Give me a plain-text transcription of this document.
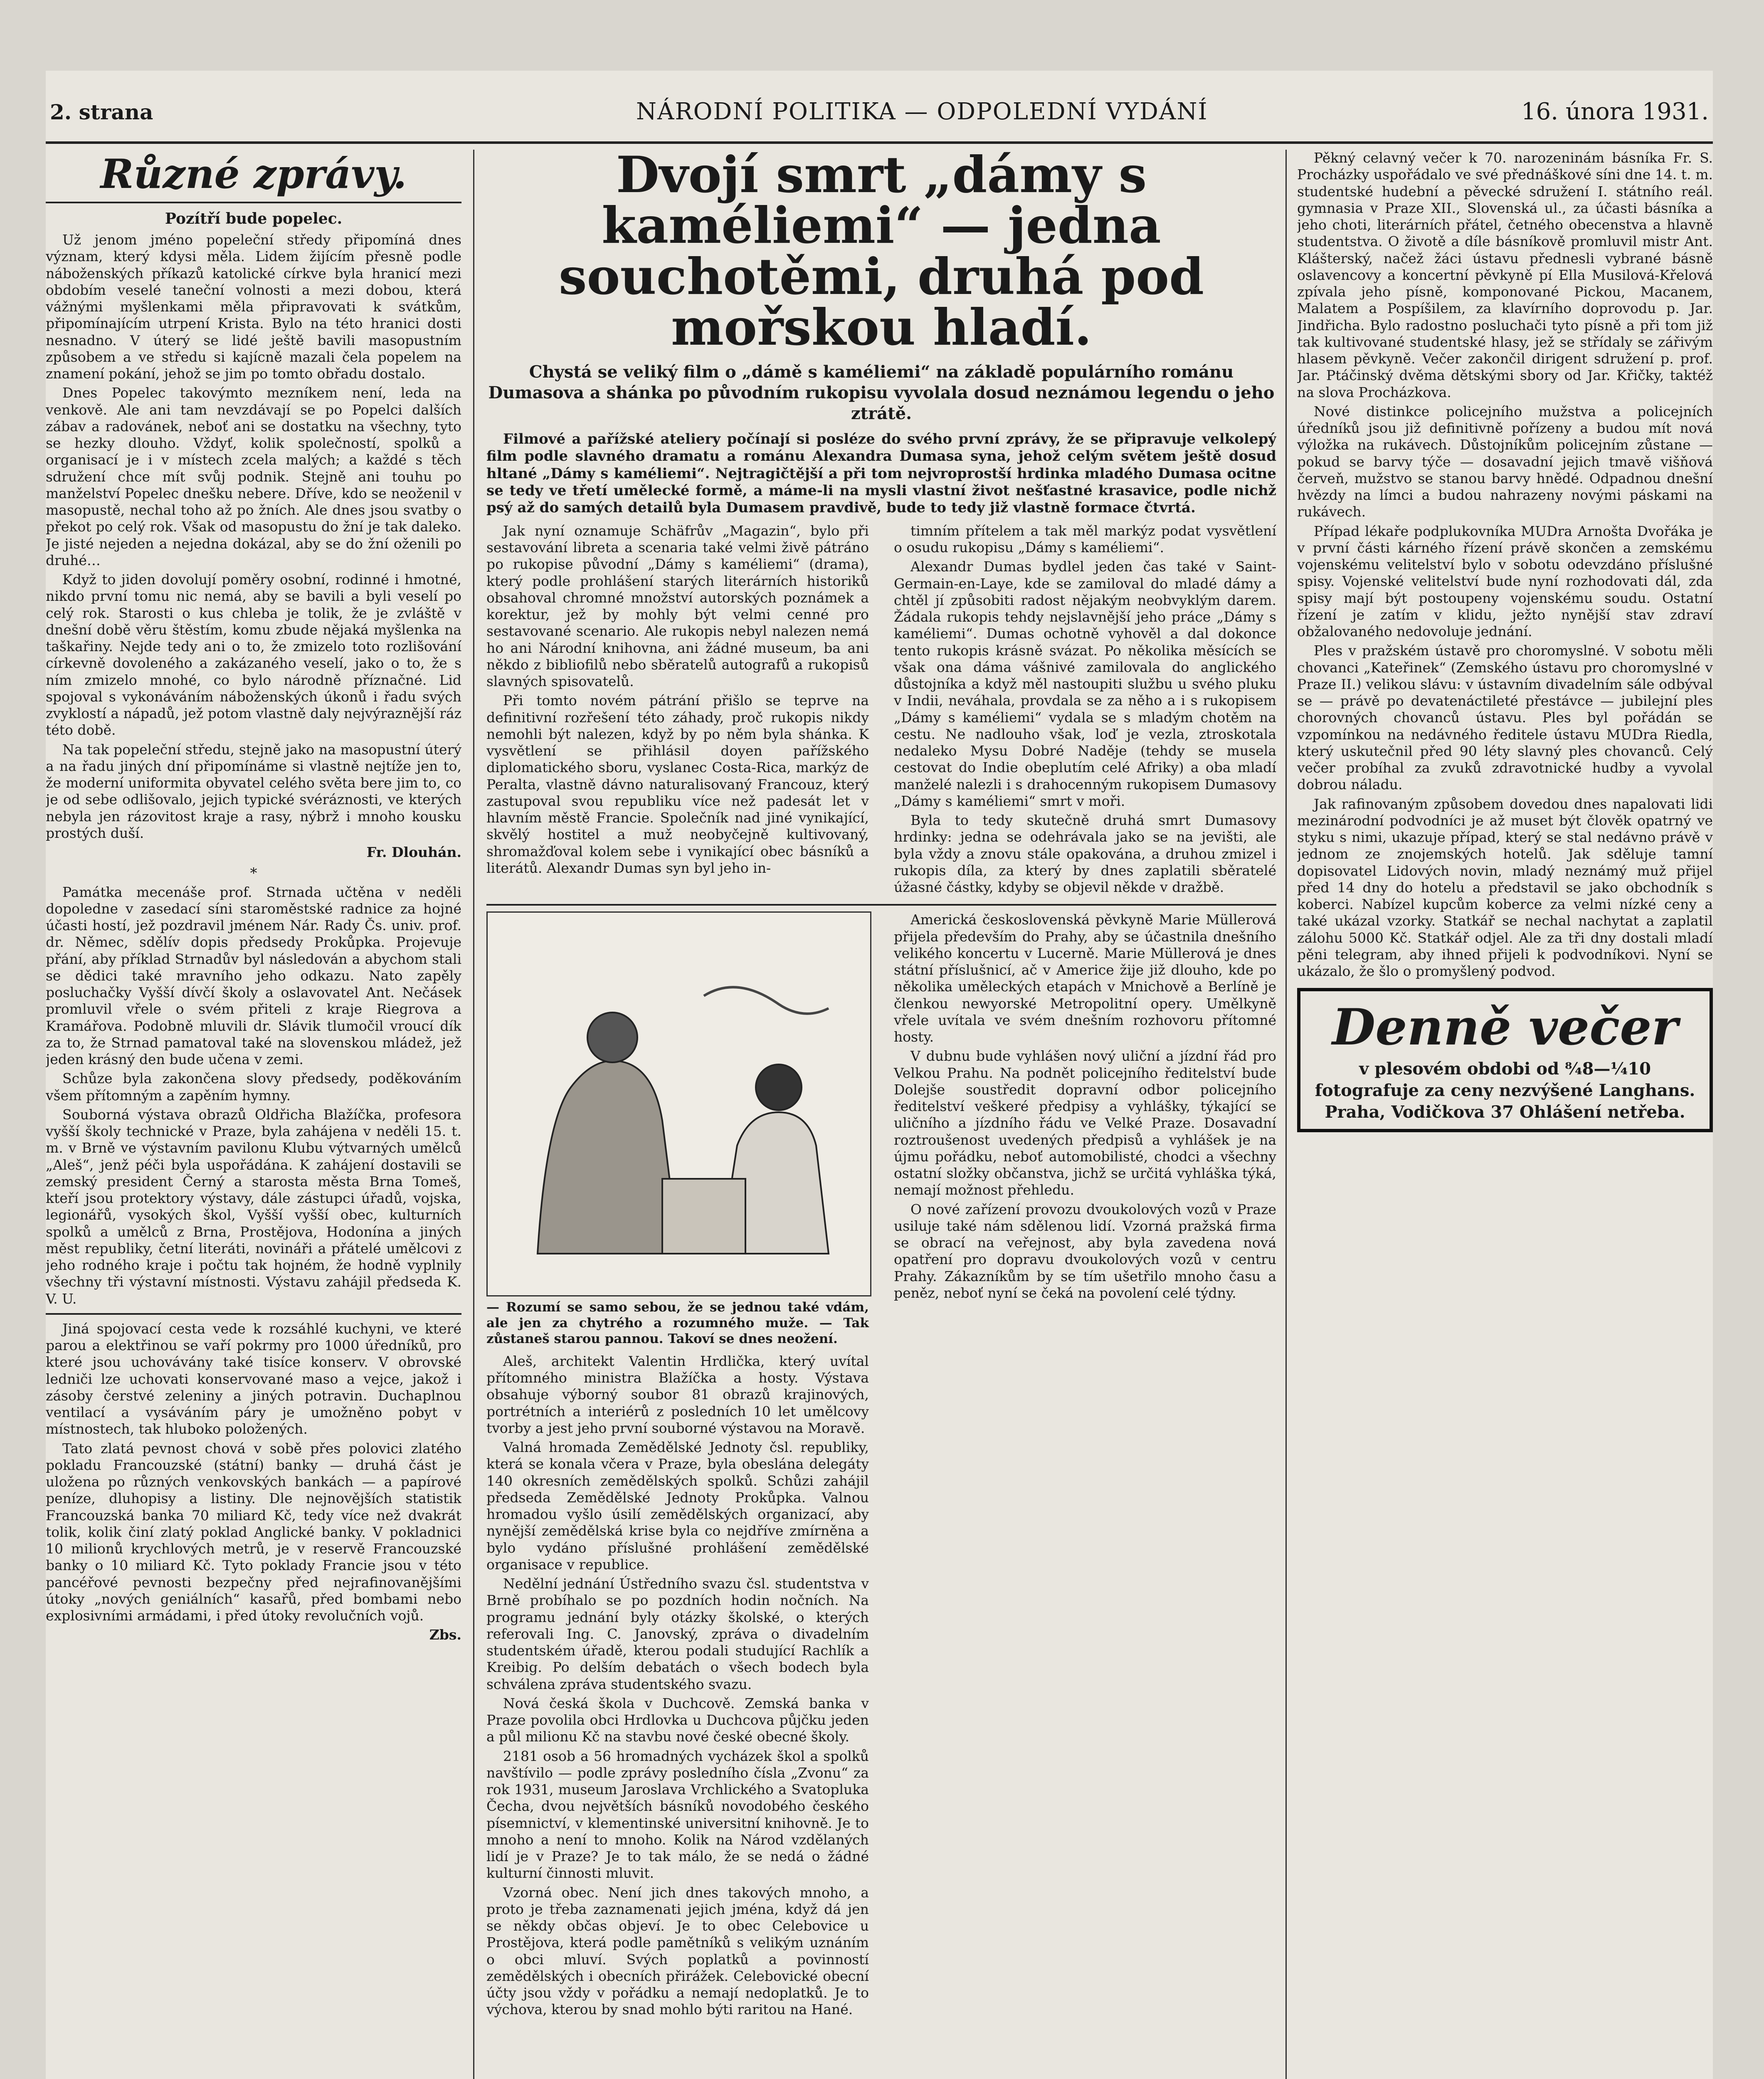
2. strana	NÁRODNÍ POLITIKA — ODPOLEDNÍ VYDÁNÍ	16. února 1931.
Různé zprávy.
Pozítří bude popelec.

Už jenom jméno popeleční středy připomíná dnes význam, který kdysi měla. Lidem žijícím přesně podle náboženských příkazů katolické církve byla hranicí mezi obdobím veselé taneční volnosti a mezi dobou, která vážnými myšlenkami měla připravovati k svátkům, připomínajícím utrpení Krista. Bylo na této hranici dosti nesnadno. V úterý se lidé ještě bavili masopustním způsobem a ve středu si kajícně mazali čela popelem na znamení pokání, jehož se jim po tomto obřadu dostalo.

Dnes Popelec takovýmto mezníkem není, leda na venkově. Ale ani tam nevzdávají se po Popelci dalších zábav a radovánek, neboť ani se dostatku na všechny, tyto se hezky dlouho. Vždyť, kolik společností, spolků a organisací je i v místech zcela malých; a každé s těch sdružení chce mít svůj podnik. Stejně ani touhu po manželství Popelec dnešku nebere. Dříve, kdo se neoženil v masopustě, nechal toho až po žních. Ale dnes jsou svatby o překot po celý rok. Však od masopustu do žní je tak daleko. Je jisté nejeden a nejedna dokázal, aby se do žní oženili po druhé…

Když to jiden dovolují poměry osobní, rodinné i hmotné, nikdo první tomu nic nemá, aby se bavili a byli veselí po celý rok. Starosti o kus chleba je tolik, že je zvláště v dnešní době věru štěstím, komu zbude nějaká myšlenka na taškařiny. Nejde tedy ani o to, že zmizelo toto rozlišování církevně dovoleného a zakázaného veselí, jako o to, že s ním zmizelo mnohé, co bylo národně příznačné. Lid spojoval s vykonáváním náboženských úkonů i řadu svých zvyklostí a nápadů, jež potom vlastně daly nejvýraznější ráz této době.

Na tak popeleční středu, stejně jako na masopustní úterý a na řadu jiných dní připomínáme si vlastně nejtíže jen to, že moderní uniformita obyvatel celého světa bere jim to, co je od sebe odlišovalo, jejich typické svéráznosti, ve kterých nebyla jen rázovitost kraje a rasy, nýbrž i mnoho kousku prostých duší.

Fr. Dlouhán.
*

Památka mecenáše prof. Strnada učtěna v neděli dopoledne v zasedací síni staroměstské radnice za hojné účasti hostí, jež pozdravil jménem Nár. Rady Čs. univ. prof. dr. Němec, sdělív dopis předsedy Prokůpka. Projevuje přání, aby příklad Strnadův byl následován a abychom stali se dědici také mravního jeho odkazu. Nato zapěly posluchačky Vyšší dívčí školy a oslavovatel Ant. Nečásek promluvil vřele o svém přiteli z kraje Riegrova a Kramářova. Podobně mluvili dr. Slávik tlumočil vroucí dík za to, že Strnad pamatoval také na slovenskou mládež, jež jeden krásný den bude učena v zemi.

Schůze byla zakončena slovy předsedy, poděkováním všem přítomným a zapěním hymny.

Souborná výstava obrazů Oldřicha Blažíčka, profesora vyšší školy technické v Praze, byla zahájena v neděli 15. t. m. v Brně ve výstavním pavilonu Klubu výtvarných umělců „Aleš“, jenž péči byla uspořádána. K zahájení dostavili se zemský president Černý a starosta města Brna Tomeš, kteří jsou protektory výstavy, dále zástupci úřadů, vojska, legionářů, vysokých škol, Vyšší vyšší obec, kulturních spolků a umělců z Brna, Prostějova, Hodonína a jiných měst republiky, četní literáti, novináři a přátelé umělcovi z jeho rodného kraje i počtu tak hojném, že hodně vyplnily všechny tři výstavní místnosti. Výstavu zahájil předseda K. V. U.

Jiná spojovací cesta vede k rozsáhlé kuchyni, ve které parou a elektřinou se vaří pokrmy pro 1000 úředníků, pro které jsou uchovávány také tisíce konserv. V obrovské ledniči lze uchovati konservované maso a vejce, jakož i zásoby čerstvé zeleniny a jiných potravin. Duchaplnou ventilací a vysáváním páry je umožněno pobyt v místnostech, tak hluboko položených.

Tato zlatá pevnost chová v sobě přes polovici zlatého pokladu Francouzské (státní) banky — druhá část je uložena po různých venkovských bankách — a papírové peníze, dluhopisy a listiny. Dle nejnovějších statistik Francouzská banka 70 miliard Kč, tedy více než dvakrát tolik, kolik činí zlatý poklad Anglické banky. V pokladnici 10 milionů krychlových metrů, je v reservě Francouzské banky o 10 miliard Kč. Tyto poklady Francie jsou v této pancéřové pevnosti bezpečny před nejrafinovanějšími útoky „nových geniálních“ kasařů, před bombami nebo explosivními armádami, i před útoky revolučních vojů.

Zbs.
Dvojí smrt „dámy s kaméliemi“ — jedna souchotěmi, druhá pod mořskou hladí.
Chystá se veliký film o „dámě s kaméliemi“ na základě populárního románu Dumasova a shánka po původním rukopisu vyvolala dosud neznámou legendu o jeho ztrátě.
Filmové a pařížské ateliery počínají si posléze do svého první zprávy, že se připravuje velkolepý film podle slavného dramatu a románu Alexandra Dumasa syna, jehož celým světem ještě dosud hltané „Dámy s kaméliemi“. Nejtragičtější a při tom nejvroprostší hrdinka mladého Dumasa ocitne se tedy ve třetí umělecké formě, a máme-li na mysli vlastní život nešťastné krasavice, podle nichž psý až do samých detailů byla Dumasem pravdivě, bude to tedy již vlastně formace čtvrtá.

Jak nyní oznamuje Schäfrův „Magazin“, bylo při sestavování libreta a scenaria také velmi živě pátráno po rukopise původní „Dámy s kaméliemi“ (drama), který podle prohlášení starých literárních historiků obsahoval chromné množství autorských poznámek a korektur, jež by mohly být velmi cenné pro sestavované scenario. Ale rukopis nebyl nalezen nemá ho ani Národní knihovna, ani žádné museum, ba ani někdo z bibliofilů nebo sběratelů autografů a rukopisů slavných spisovatelů.

Při tomto novém pátrání přišlo se teprve na definitivní rozřešení této záhady, proč rukopis nikdy nemohli být nalezen, když by po něm byla shánka. K vysvětlení se přihlásil doyen pařížského diplomatického sboru, vyslanec Costa-Rica, markýz de Peralta, vlastně dávno naturalisovaný Francouz, který zastupoval svou republiku více než padesát let v hlavním městě Francie. Společník nad jiné vynikající, skvělý hostitel a muž neobyčejně kultivovaný, shromažďoval kolem sebe i vynikající obec básníků a literátů. Alexandr Dumas syn byl jeho in-

timním přítelem a tak měl markýz podat vysvětlení o osudu rukopisu „Dámy s kaméliemi“.

Alexandr Dumas bydlel jeden čas také v Saint-Germain-en-Laye, kde se zamiloval do mladé dámy a chtěl jí způsobiti radost nějakým neobvyklým darem. Žádala rukopis tehdy nejslavnější jeho práce „Dámy s kaméliemi“. Dumas ochotně vyhověl a dal dokonce tento rukopis krásně svázat. Po několika měsících se však ona dáma vášnivé zamilovala do anglického důstojníka a když měl nastoupiti službu u svého pluku v Indii, neváhala, provdala se za něho a i s rukopisem „Dámy s kaméliemi“ vydala se s mladým chotěm na cestu. Ne nadlouho však, loď je vezla, ztroskotala nedaleko Mysu Dobré Naděje (tehdy se musela cestovat do Indie obeplutím celé Afriky) a oba mladí manželé nalezli i s drahocenným rukopisem Dumasovy „Dámy s kaméliemi“ smrt v moři.

Byla to tedy skutečně druhá smrt Dumasovy hrdinky: jedna se odehrávala jako se na jevišti, ale byla vždy a znovu stále opakována, a druhou zmizel i rukopis díla, za který by dnes zaplatili sběratelé úžasné částky, kdyby se objevil někde v dražbě.

— Rozumí se samo sebou, že se jednou také vdám, ale jen za chytrého a rozumného muže. — Tak zůstaneš starou pannou. Takoví se dnes neožení.

Aleš, architekt Valentin Hrdlička, který uvítal přítomného ministra Blažíčka a hosty. Výstava obsahuje výborný soubor 81 obrazů krajinových, portrétních a interiérů z posledních 10 let umělcovy tvorby a jest jeho první souborné výstavou na Moravě.

Valná hromada Zemědělské Jednoty čsl. republiky, která se konala včera v Praze, byla obeslána delegáty 140 okresních zemědělských spolků. Schůzi zahájil předseda Zemědělské Jednoty Prokůpka. Valnou hromadou vyšlo úsilí zemědělských organizací, aby nynější zemědělská krise byla co nejdříve zmírněna a bylo vydáno příslušné prohlášení zemědělské organisace v republice.

Nedělní jednání Ústředního svazu čsl. studentstva v Brně probíhalo se po pozdních hodin nočních. Na programu jednání byly otázky školské, o kterých referovali Ing. C. Janovský, zpráva o divadelním studentském úřadě, kterou podali studující Rachlík a Kreibig. Po delším debatách o všech bodech byla schválena zpráva studentského svazu.

Nová česká škola v Duchcově. Zemská banka v Praze povolila obci Hrdlovka u Duchcova půjčku jeden a půl milionu Kč na stavbu nové české obecné školy.

2181 osob a 56 hromadných vycházek škol a spolků navštívilo — podle zprávy posledního čísla „Zvonu“ za rok 1931, museum Jaroslava Vrchlického a Svatopluka Čecha, dvou největších básníků novodobého českého písemnictví, v klementinské universitní knihovně. Je to mnoho a není to mnoho. Kolik na Národ vzdělaných lidí je v Praze? Je to tak málo, že se nedá o žádné kulturní činnosti mluvit.

Vzorná obec. Není jich dnes takových mnoho, a proto je třeba zaznamenati jejich jména, když dá jen se někdy občas objeví. Je to obec Celebovice u Prostějova, která podle pamětníků s velikým uznáním o obci mluví. Svých poplatků a povinností zemědělských i obecních přirážek. Celebovické obecní účty jsou vždy v pořádku a nemají nedoplatků. Je to výchova, kterou by snad mohlo býti raritou na Hané.

Americká československá pěvkyně Marie Müllerová přijela především do Prahy, aby se účastnila dnešního velikého koncertu v Lucerně. Marie Müllerová je dnes státní příslušnicí, ač v Americe žije již dlouho, kde po několika uměleckých etapách v Mnichově a Berlíně je členkou newyorské Metropolitní opery. Umělkyně vřele uvítala ve svém dnešním rozhovoru přítomné hosty.

V dubnu bude vyhlášen nový uliční a jízdní řád pro Velkou Prahu. Na podnět policejního ředitelství bude Dolejše soustředit dopravní odbor policejního ředitelství veškeré předpisy a vyhlášky, týkající se uličního a jízdního řádu ve Velké Praze. Dosavadní roztroušenost uvedených předpisů a vyhlášek je na újmu pořádku, neboť automobilisté, chodci a všechny ostatní složky občanstva, jichž se určitá vyhláška týká, nemají možnost přehledu.

O nové zařízení provozu dvoukolových vozů v Praze usiluje také nám sdělenou lidí. Vzorná pražská firma se obrací na veřejnost, aby byla zavedena nová opatření pro dopravu dvoukolových vozů v centru Prahy. Zákazníkům by se tím ušetřilo mnoho času a peněz, neboť nyní se čeká na povolení celé týdny.

Pěkný celavný večer k 70. narozeninám básníka Fr. S. Procházky uspořádalo ve své přednáškové síni dne 14. t. m. studentské hudební a pěvecké sdružení I. státního reál. gymnasia v Praze XII., Slovenská ul., za účasti básníka a jeho choti, literárních přátel, četného obecenstva a hlavně studentstva. O životě a díle básníkově promluvil mistr Ant. Klášterský, načež žáci ústavu přednesli vybrané básně oslavencovy a koncertní pěvkyně pí Ella Musilová-Křelová zpívala jeho písně, komponované Pickou, Macanem, Malatem a Pospíšilem, za klavírního doprovodu p. Jar. Jindřicha. Bylo radostno posluchači tyto písně a při tom již tak kultivované studentské hlasy, jež se střídaly se zářivým hlasem pěvkyně. Večer zakončil dirigent sdružení p. prof. Jar. Ptáčinský dvěma dětskými sbory od Jar. Křičky, taktéž na slova Procházkova.

Nové distinkce policejního mužstva a policejních úředníků jsou již definitivně pořízeny a budou mít nová výložka na rukávech. Důstojníkům policejním zůstane — pokud se barvy týče — dosavadní jejich tmavě višňová červeň, mužstvo se stanou barvy hnědé. Odpadnou dnešní hvězdy na límci a budou nahrazeny novými páskami na rukávech.

Případ lékaře podplukovníka MUDra Arnošta Dvořáka je v první části kárného řízení právě skončen a zemskému vojenskému velitelství bylo v sobotu odevzdáno příslušné spisy. Vojenské velitelství bude nyní rozhodovati dál, zda spisy mají být postoupeny vojenskému soudu. Ostatní řízení je zatím v klidu, ježto nynější stav zdraví obžalovaného nedovoluje jednání.

Ples v pražském ústavě pro choromyslné. V sobotu měli chovanci „Kateřinek“ (Zemského ústavu pro choromyslné v Praze II.) velikou slávu: v ústavním divadelním sále odbýval se — právě po devatenáctileté přestávce — jubilejní ples chorovných chovanců ústavu. Ples byl pořádán se vzpomínkou na nedávného ředitele ústavu MUDra Riedla, který uskutečnil před 90 léty slavný ples chovanců. Celý večer probíhal za zvuků zdravotnické hudby a vyvolal dobrou náladu.

Jak rafinovaným způsobem dovedou dnes napalovati lidi mezinárodní podvodníci je až muset být člověk opatrný ve styku s nimi, ukazuje případ, který se stal nedávno právě v jednom ze znojemských hotelů. Jak sděluje tamní dopisovatel Lidových novin, mladý neznámý muž přijel před 14 dny do hotelu a představil se jako obchodník s koberci. Nabízel kupcům koberce za velmi nízké ceny a také ukázal vzorky. Statkář se nechal nachytat a zaplatil zálohu 5000 Kč. Statkář odjel. Ale za tři dny dostali mladí pěni telegram, aby ihned přijeli k podvodníkovi. Nyní se ukázalo, že šlo o promyšlený podvod.

Denně večer
v plesovém obdobi od ⁸⁄₄8—¹⁄₄10 fotografuje za ceny nezvýšené Langhans. Praha, Vodičkova 37 Ohlášení netřeba.
